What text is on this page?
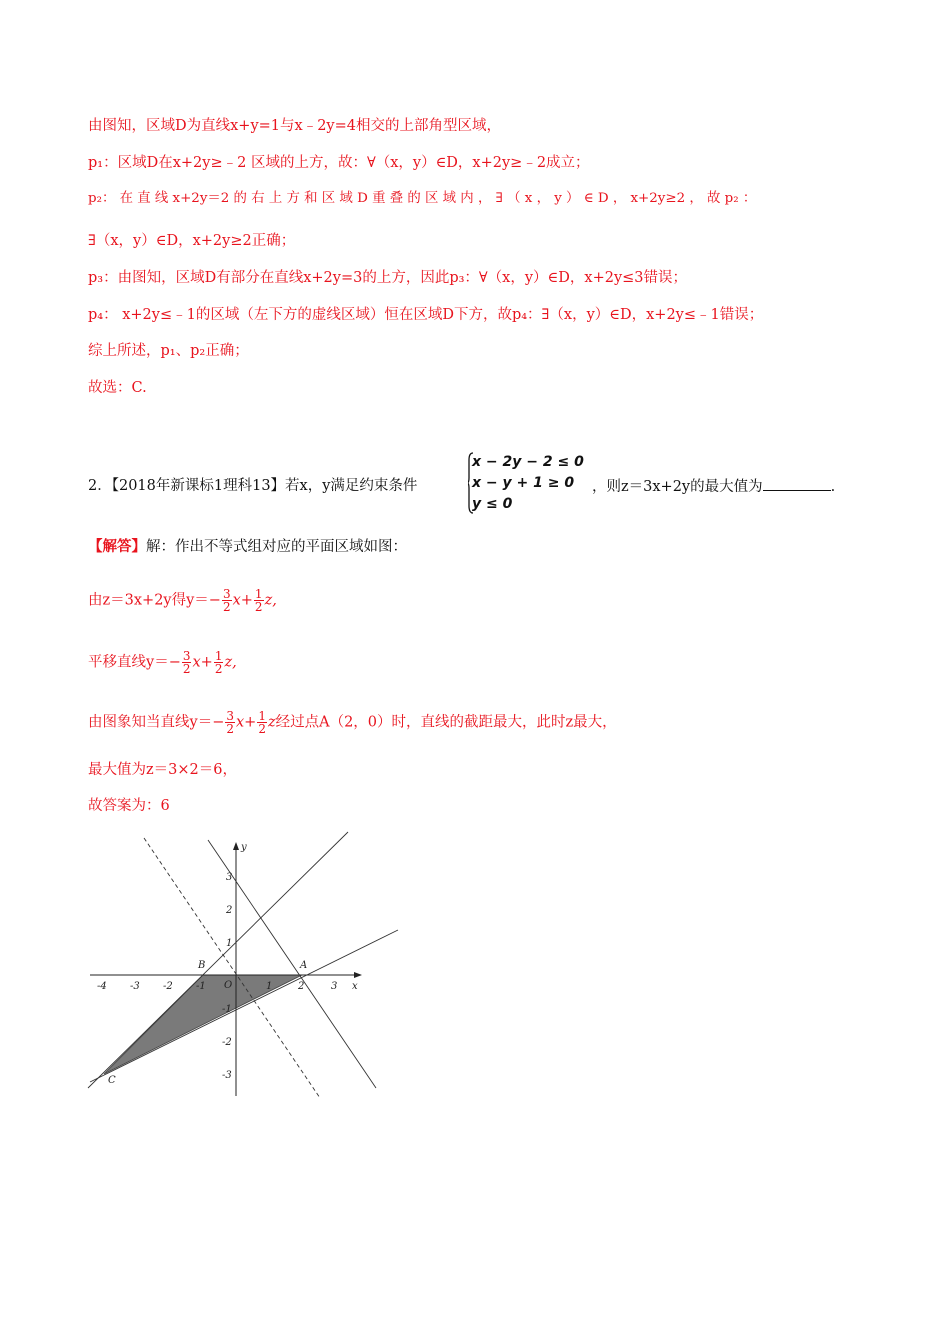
由图知，区域D为直线x+y=1与x﹣2y=4相交的上部角型区域，
p₁：区域D在x+2y≥﹣2 区域的上方，故：∀（x，y）∈D，x+2y≥﹣2成立；
p₂： 在 直 线 x+2y＝2 的 右 上 方 和 区 域 D 重 叠 的 区 域 内 ， ∃ （ x ， y ） ∈ D ， x+2y≥2 ， 故 p₂ ：
∃（x，y）∈D，x+2y≥2正确；
p₃：由图知，区域D有部分在直线x+2y=3的上方，因此p₃：∀（x，y）∈D，x+2y≤3错误；
p₄： x+2y≤﹣1的区域（左下方的虚线区域）恒在区域D下方，故p₄：∃（x，y）∈D，x+2y≤﹣1错误；
综上所述，p₁、p₂正确；
故选：C.
2．【2018年新课标1理科13】若x，y满足约束条件
x − 2y − 2 ≤ 0
x − y + 1 ≥ 0
y ≤ 0
，则z＝3x+2y的最大值为	.
【解答】解：作出不等式组对应的平面区域如图：
由z＝3x+2y得$y=- \frac{3}{2} x+ \frac{1}{2} z$,
平移直线$y=- \frac{3}{2} x+ \frac{1}{2} z$,
由图象知当直线$y=- \frac{3}{2} x+ \frac{1}{2}$ z经过点A（2，0）时，直线的截距最大，此时z最大，
最大值为z＝3×2＝6，
故答案为：6
-4 -3 -2 -1	1	2	3
3
2
1
-1
-2
-3
x
y
O
A
B
C
